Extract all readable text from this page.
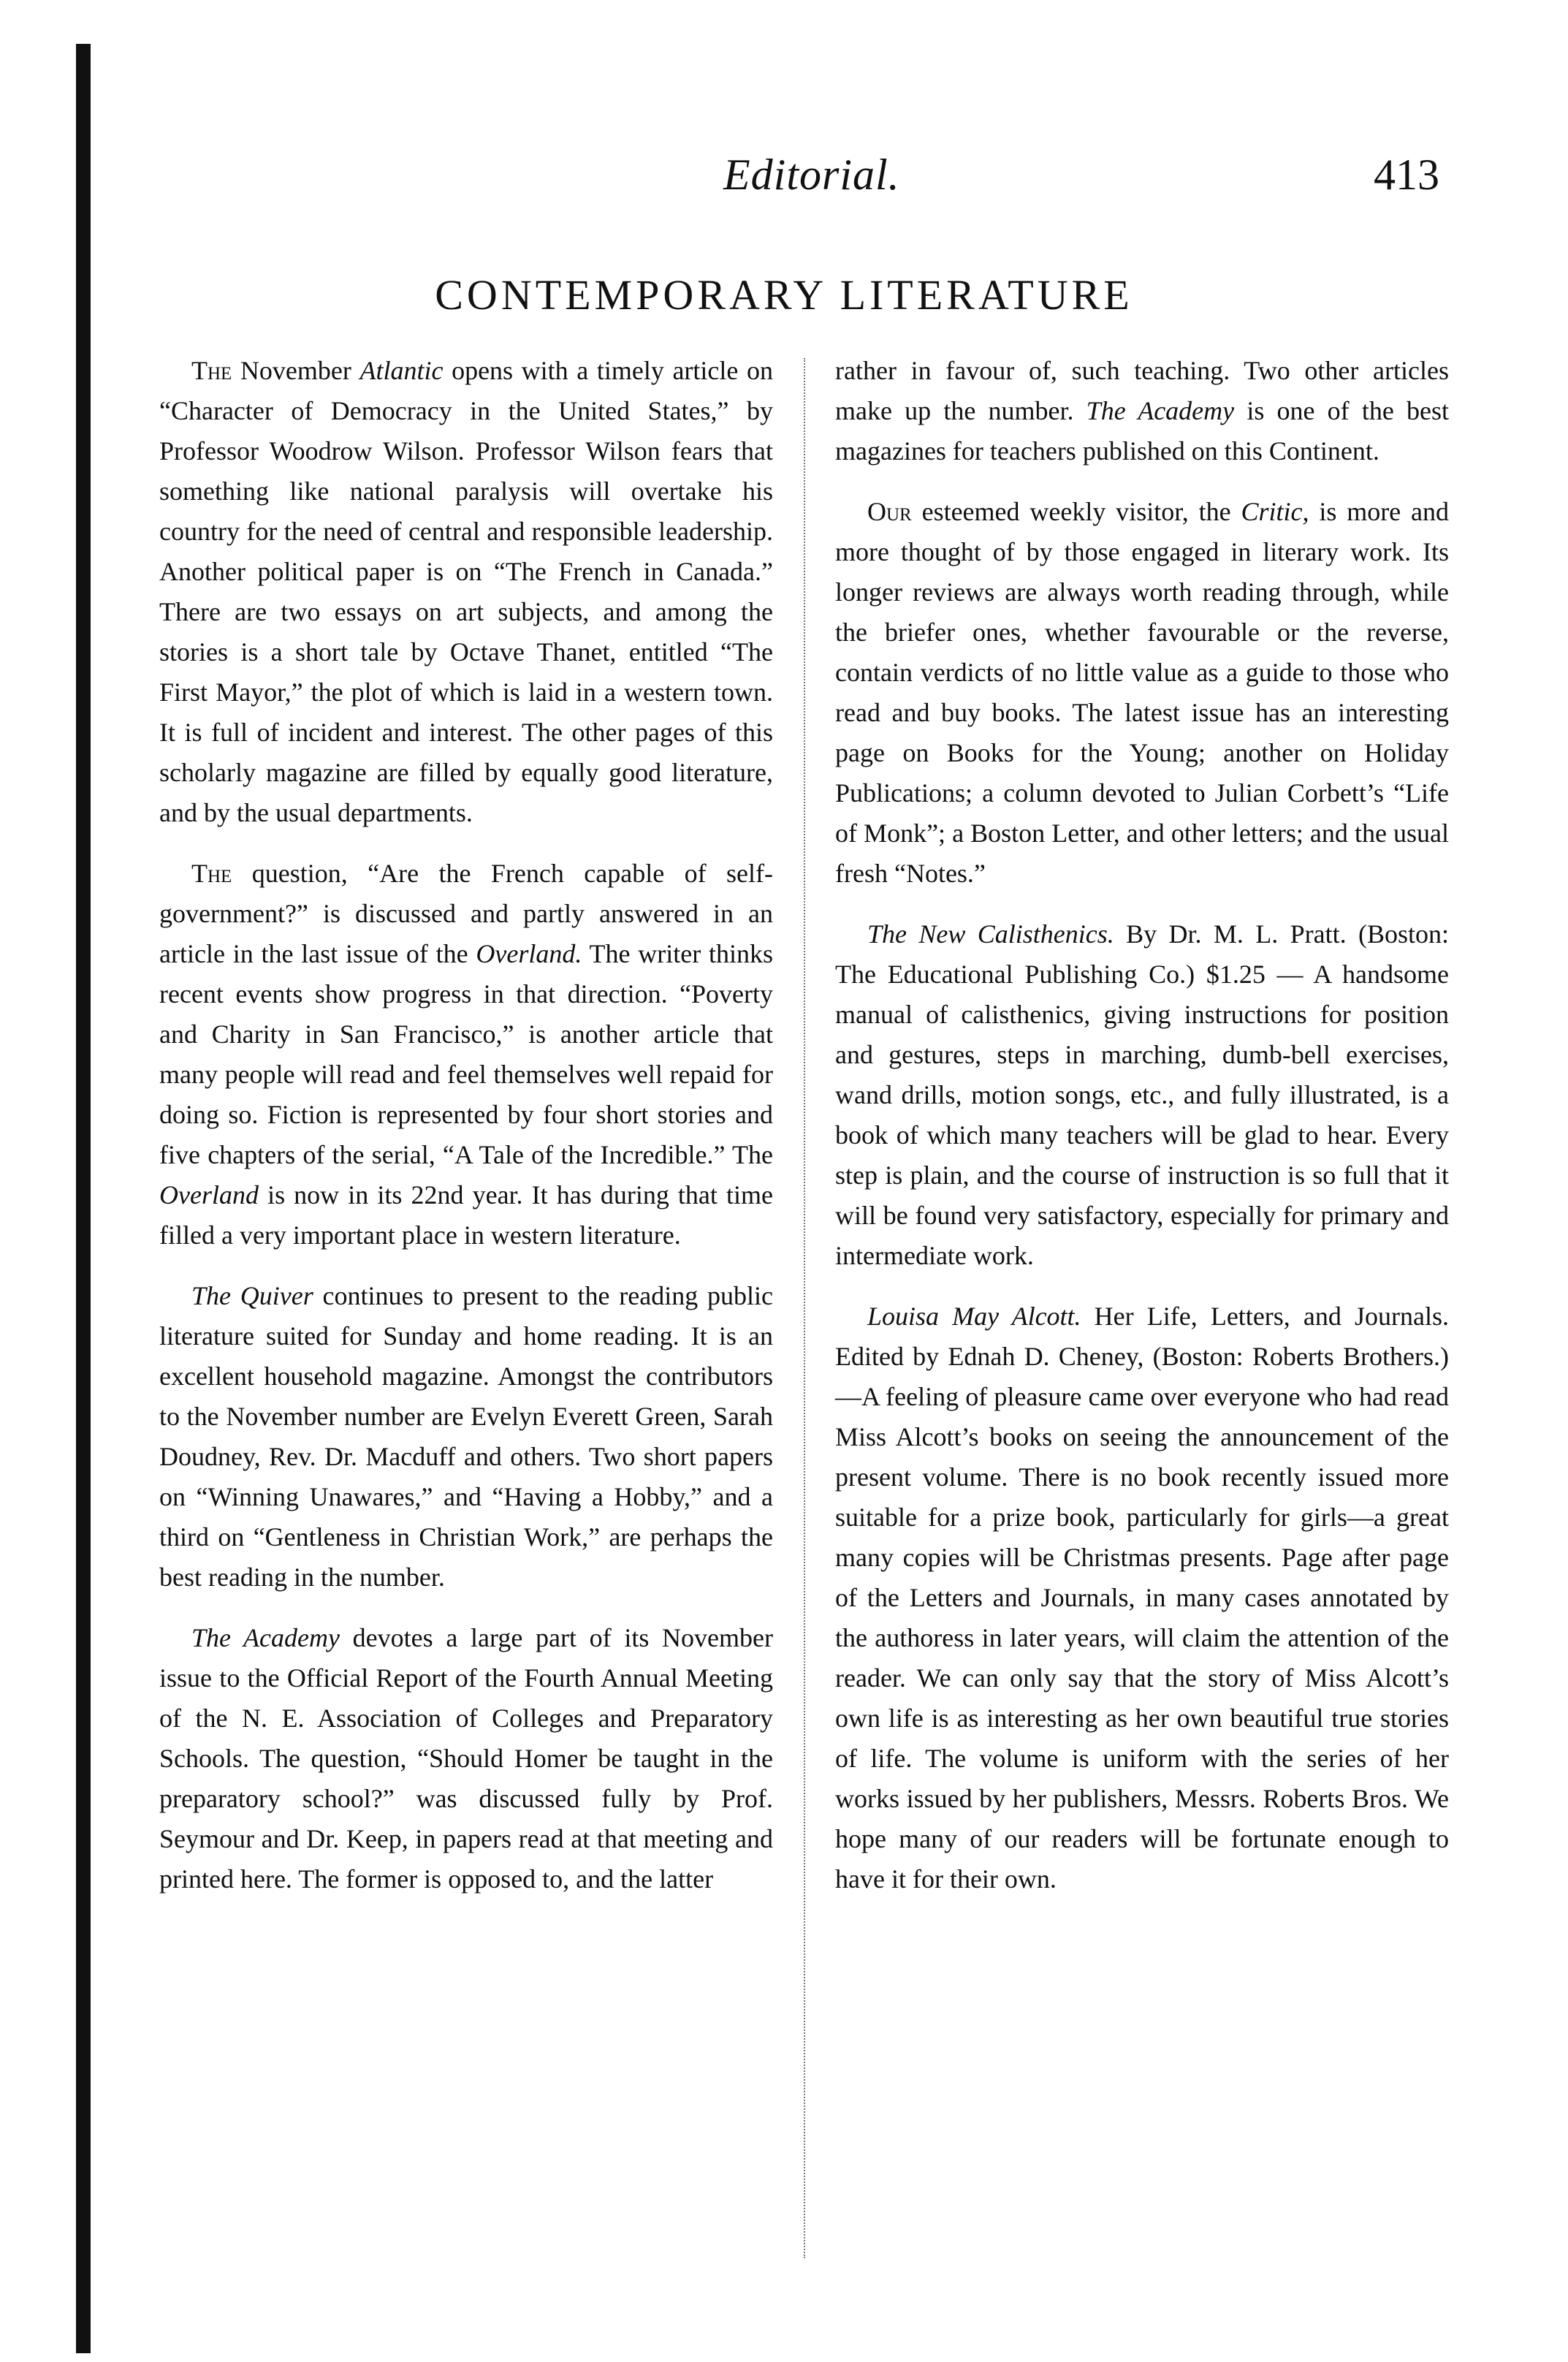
Editorial.	413
CONTEMPORARY LITERATURE

The November Atlantic opens with a timely article on “Character of Democracy in the United States,” by Professor Woodrow Wilson. Professor Wilson fears that something like national paralysis will overtake his country for the need of central and responsible leadership. Another political paper is on “The French in Canada.” There are two essays on art subjects, and among the stories is a short tale by Octave Thanet, entitled “The First Mayor,” the plot of which is laid in a western town. It is full of incident and interest. The other pages of this scholarly magazine are filled by equally good literature, and by the usual departments.

The question, “Are the French capable of self-government?” is discussed and partly answered in an article in the last issue of the Overland. The writer thinks recent events show progress in that direction. “Poverty and Charity in San Francisco,” is another article that many people will read and feel themselves well repaid for doing so. Fiction is represented by four short stories and five chapters of the serial, “A Tale of the Incredible.” The Overland is now in its 22nd year. It has during that time filled a very important place in western literature.

The Quiver continues to present to the reading public literature suited for Sunday and home reading. It is an excellent household magazine. Amongst the contributors to the November number are Evelyn Everett Green, Sarah Doudney, Rev. Dr. Macduff and others. Two short papers on “Winning Unawares,” and “Having a Hobby,” and a third on “Gentleness in Christian Work,” are perhaps the best reading in the number.

The Academy devotes a large part of its November issue to the Official Report of the Fourth Annual Meeting of the N. E. Association of Colleges and Preparatory Schools. The question, “Should Homer be taught in the preparatory school?” was discussed fully by Prof. Seymour and Dr. Keep, in papers read at that meeting and printed here. The former is opposed to, and the latter

rather in favour of, such teaching. Two other articles make up the number. The Academy is one of the best magazines for teachers published on this Continent.

Our esteemed weekly visitor, the Critic, is more and more thought of by those engaged in literary work. Its longer reviews are always worth reading through, while the briefer ones, whether favourable or the reverse, contain verdicts of no little value as a guide to those who read and buy books. The latest issue has an interesting page on Books for the Young; another on Holiday Publications; a column devoted to Julian Corbett’s “Life of Monk”; a Boston Letter, and other letters; and the usual fresh “Notes.”

The New Calisthenics. By Dr. M. L. Pratt. (Boston: The Educational Publishing Co.) $1.25 — A handsome manual of calisthenics, giving instructions for position and gestures, steps in marching, dumb-bell exercises, wand drills, motion songs, etc., and fully illustrated, is a book of which many teachers will be glad to hear. Every step is plain, and the course of instruction is so full that it will be found very satisfactory, especially for primary and intermediate work.

Louisa May Alcott. Her Life, Letters, and Journals. Edited by Ednah D. Cheney, (Boston: Roberts Brothers.)—A feeling of pleasure came over everyone who had read Miss Alcott’s books on seeing the announcement of the present volume. There is no book recently issued more suitable for a prize book, particularly for girls—a great many copies will be Christmas presents. Page after page of the Letters and Journals, in many cases annotated by the authoress in later years, will claim the attention of the reader. We can only say that the story of Miss Alcott’s own life is as interesting as her own beautiful true stories of life. The volume is uniform with the series of her works issued by her publishers, Messrs. Roberts Bros. We hope many of our readers will be fortunate enough to have it for their own.
